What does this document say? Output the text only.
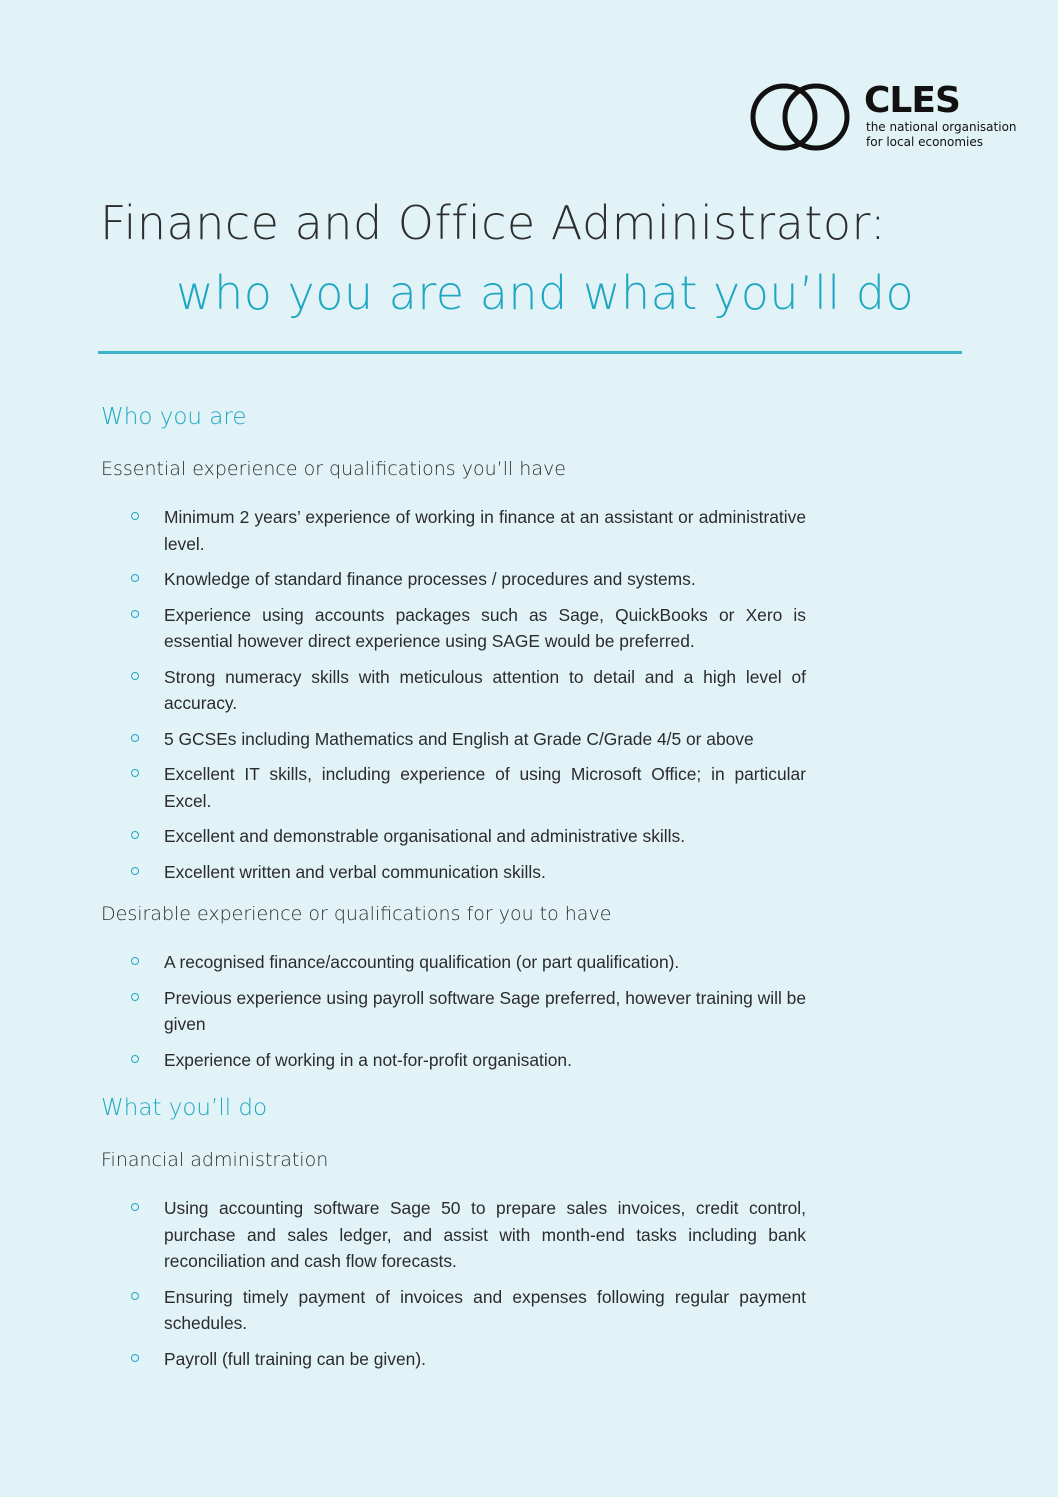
CLES
the national organisation
for local economies
Finance and Office Administrator:
who you are and what you’ll do
Who you are
Essential experience or qualifications you’ll have
Minimum 2 years’ experience of working in finance at an assistant or administrative level.
Knowledge of standard finance processes / procedures and systems.
Experience using accounts packages such as Sage, QuickBooks or Xero is essential however direct experience using SAGE would be preferred.
Strong numeracy skills with meticulous attention to detail and a high level of accuracy.
5 GCSEs including Mathematics and English at Grade C/Grade 4/5 or above
Excellent IT skills, including experience of using Microsoft Office; in particular Excel.
Excellent and demonstrable organisational and administrative skills.
Excellent written and verbal communication skills.
Desirable experience or qualifications for you to have
A recognised finance/accounting qualification (or part qualification).
Previous experience using payroll software Sage preferred, however training will be given
Experience of working in a not-for-profit organisation.
What you’ll do
Financial administration
Using accounting software Sage 50 to prepare sales invoices, credit control, purchase and sales ledger, and assist with month-end tasks including bank reconciliation and cash flow forecasts.
Ensuring timely payment of invoices and expenses following regular payment schedules.
Payroll (full training can be given).
